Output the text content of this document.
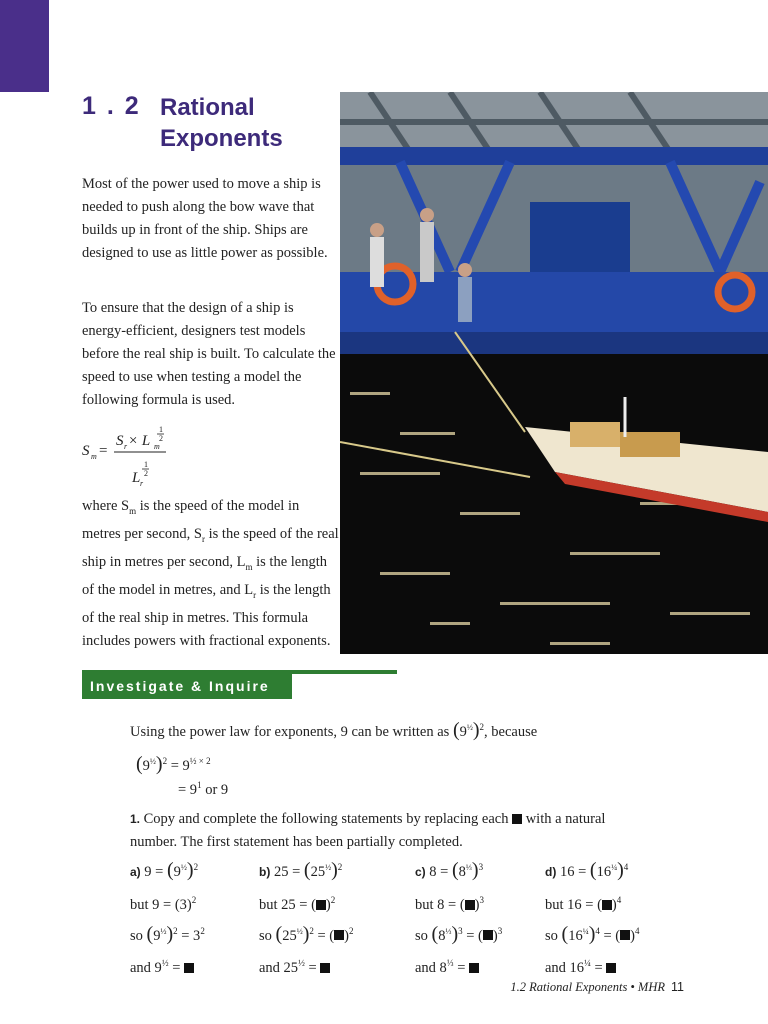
1 . 2 Rational Exponents
Most of the power used to move a ship is needed to push along the bow wave that builds up in front of the ship. Ships are designed to use as little power as possible.
To ensure that the design of a ship is energy-efficient, designers test models before the real ship is built. To calculate the speed to use when testing a model the following formula is used.
S m =
S r × L m
1
2
L r
1
2
where $S_m$ is the speed of the model in metres per second, $S_r$ is the speed of the real ship in metres per second, $L_m$ is the length of the model in metres, and $L_r$ is the length of the real ship in metres. This formula includes powers with fractional exponents.
Investigate & Inquire
Using the power law for exponents, 9 can be written as $(9^{\frac{1}{2}})^2$, because
$(9^{\frac{1}{2}})^2 = 9^{\frac{1}{2} \times 2}$
= $9^1$ or 9
1. Copy and complete the following statements by replacing each with a natural number. The first statement has been partially completed.
a) $9 = (9^{\frac{1}{2}})^2$
but $9 = (3)^2$
so $(9^{\frac{1}{2}})^2 = 3^2$
and $9^{\frac{1}{2}}$ =
b) $25 = (25^{\frac{1}{2}})^2$
but 25 = ( )$^2$
so $(25^{\frac{1}{2}})^2$ = ( )$^2$
and $25^{\frac{1}{2}}$ =
c) $8 = (8^{\frac{1}{3}})^3$
but 8 = ( )$^3$
so $(8^{\frac{1}{3}})^3$ = ( )$^3$
and $8^{\frac{1}{3}}$ =
d) $16 = (16^{\frac{1}{4}})^4$
but 16 = ( )$^4$
so $(16^{\frac{1}{4}})^4$ = ( )$^4$
and $16^{\frac{1}{4}}$ =
1.2 Rational Exponents • MHR 11
